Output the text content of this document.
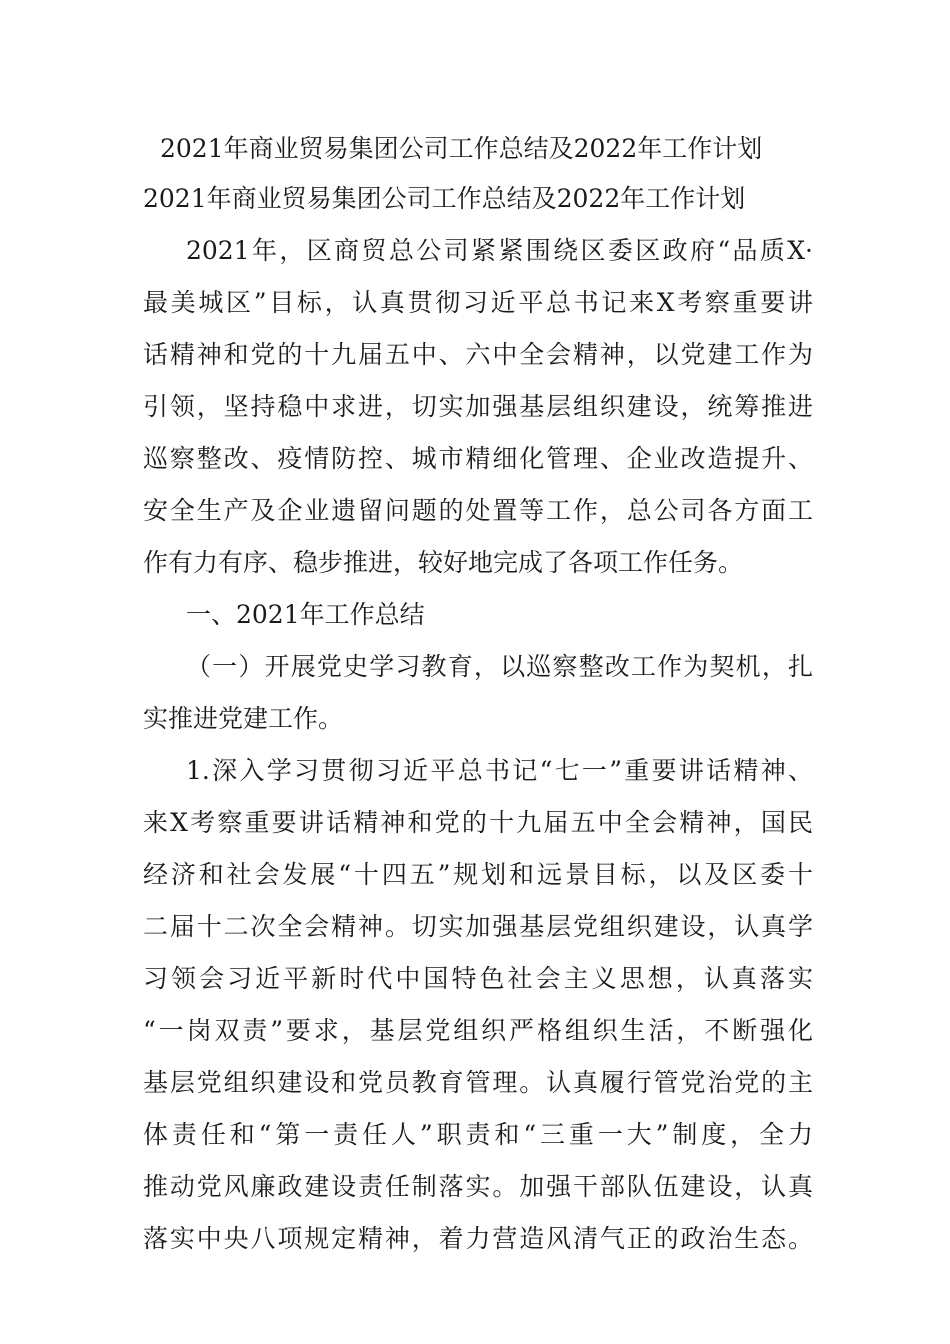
2021年商业贸易集团公司工作总结及2022年工作计划
2021年商业贸易集团公司工作总结及2022年工作计划
2021年，区商贸总公司紧紧围绕区委区政府“品质X·
最美城区”目标，认真贯彻习近平总书记来X考察重要讲
话精神和党的十九届五中、六中全会精神，以党建工作为
引领，坚持稳中求进，切实加强基层组织建设，统筹推进
巡察整改、疫情防控、城市精细化管理、企业改造提升、
安全生产及企业遗留问题的处置等工作，总公司各方面工
作有力有序、稳步推进，较好地完成了各项工作任务。
一、2021年工作总结
（一）开展党史学习教育，以巡察整改工作为契机，扎
实推进党建工作。
1.深入学习贯彻习近平总书记“七一”重要讲话精神、
来X考察重要讲话精神和党的十九届五中全会精神，国民
经济和社会发展“十四五”规划和远景目标，以及区委十
二届十二次全会精神。切实加强基层党组织建设，认真学
习领会习近平新时代中国特色社会主义思想，认真落实
“一岗双责”要求，基层党组织严格组织生活，不断强化
基层党组织建设和党员教育管理。认真履行管党治党的主
体责任和“第一责任人”职责和“三重一大”制度，全力
推动党风廉政建设责任制落实。加强干部队伍建设，认真
落实中央八项规定精神，着力营造风清气正的政治生态。
